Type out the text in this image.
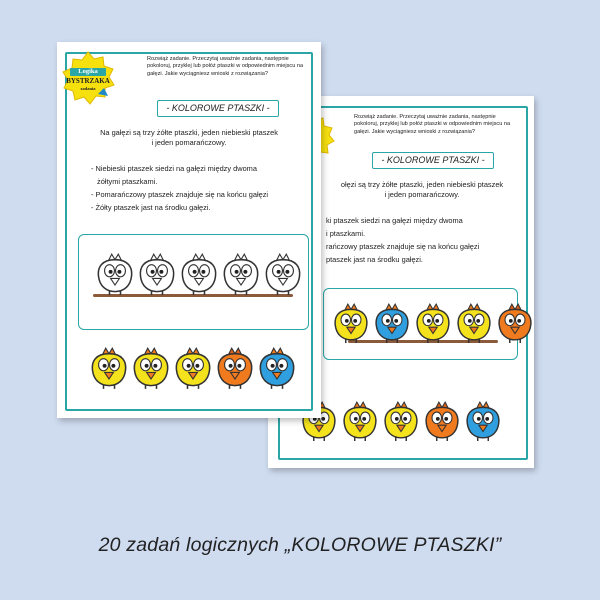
Rozwiąż zadanie. Przeczytaj uważnie zadania, następnie pokoloruj, przyklej lub połóż ptaszki w odpowiednim miejscu na gałęzi. Jakie wyciągniesz wnioski z rozwiązania?
- KOLOROWE PTASZKI -
ołęzi są trzy żółte ptaszki, jeden niebieski ptaszek
i jeden pomarańczowy.
ki ptaszek siedzi na gałęzi między dwoma
i ptaszkami.
rańczowy ptaszek znajduje się na końcu gałęzi
ptaszek jast na środku gałęzi.
Logika
BYSTRZAKA
zadania
Rozwiąż zadanie. Przeczytaj uważnie zadania, następnie pokoloruj, przyklej lub połóż ptaszki w odpowiednim miejscu na gałęzi. Jakie wyciągniesz wnioski z rozwiązania?
- KOLOROWE PTASZKI -
Na gałęzi są trzy żółte ptaszki, jeden niebieski ptaszek
i jeden pomarańczowy.
- Niebieski ptaszek siedzi na gałęzi między dwoma
żółtymi ptaszkami.
- Pomarańczowy ptaszek znajduje się na końcu gałęzi
- Żółty ptaszek jast na środku gałęzi.
20 zadań logicznych „KOLOROWE PTASZKI”
